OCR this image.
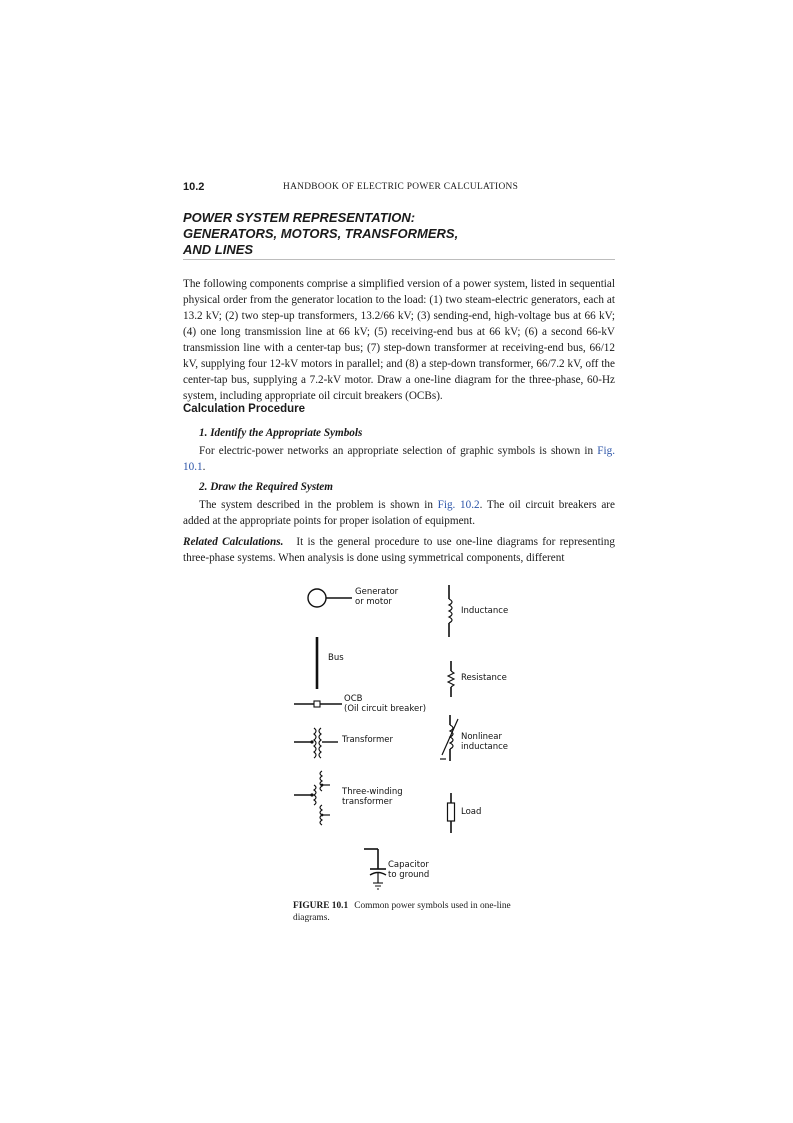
10.2	HANDBOOK OF ELECTRIC POWER CALCULATIONS
POWER SYSTEM REPRESENTATION:
GENERATORS, MOTORS, TRANSFORMERS,
AND LINES

The following components comprise a simplified version of a power system, listed in sequential physical order from the generator location to the load: (1) two steam-electric generators, each at 13.2 kV; (2) two step-up transformers, 13.2/66 kV; (3) sending-end, high-voltage bus at 66 kV; (4) one long transmission line at 66 kV; (5) receiving-end bus at 66 kV; (6) a second 66-kV transmission line with a center-tap bus; (7) step-down transformer at receiving-end bus, 66/12 kV, supplying four 12-kV motors in parallel; and (8) a step-down transformer, 66/7.2 kV, off the center-tap bus, supplying a 7.2-kV motor. Draw a one-line diagram for the three-phase, 60-Hz system, including appropriate oil circuit breakers (OCBs).

Calculation Procedure
1. Identify the Appropriate Symbols

For electric-power networks an appropriate selection of graphic symbols is shown in Fig. 10.1.

2. Draw the Required System

The system described in the problem is shown in Fig. 10.2. The oil circuit breakers are added at the appropriate points for proper isolation of equipment.

Related Calculations. It is the general procedure to use one-line diagrams for representing three-phase systems. When analysis is done using symmetrical components, different

Generator
or motor
Bus
OCB
(Oil circuit breaker)
Transformer
Three-winding
transformer
Capacitor
to ground
Inductance
Resistance
Nonlinear
inductance
Load

FIGURE 10.1 Common power symbols used in one-line diagrams.
